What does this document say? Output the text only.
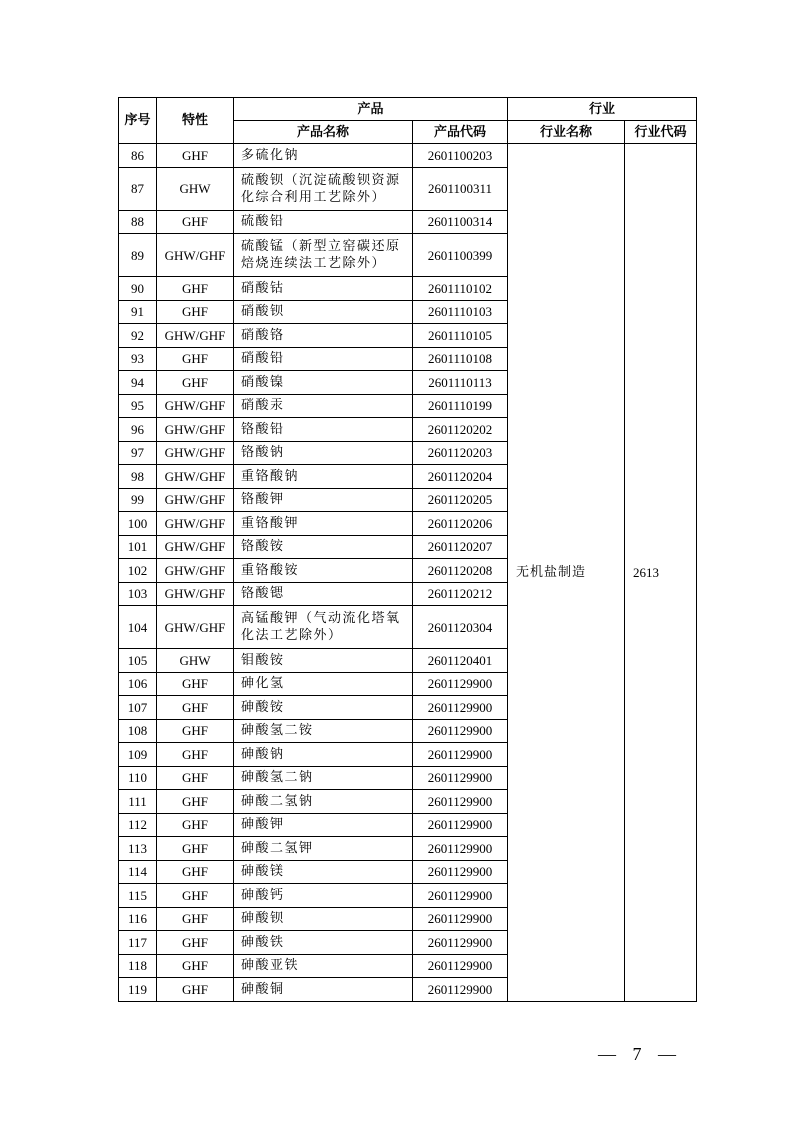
序号	特性	产品		行业	
		产品名称	产品代码	行业名称	行业代码
86	GHF	多硫化钠	2601100203	无机盐制造	2613
87	GHW	硫酸钡（沉淀硫酸钡资源化综合利用工艺除外）	2601100311		
88	GHF	硫酸铅	2601100314		
89	GHW/GHF	硫酸锰（新型立窑碳还原焙烧连续法工艺除外）	2601100399		
90	GHF	硝酸钴	2601110102		
91	GHF	硝酸钡	2601110103		
92	GHW/GHF	硝酸铬	2601110105		
93	GHF	硝酸铅	2601110108		
94	GHF	硝酸镍	2601110113		
95	GHW/GHF	硝酸汞	2601110199		
96	GHW/GHF	铬酸铅	2601120202		
97	GHW/GHF	铬酸钠	2601120203		
98	GHW/GHF	重铬酸钠	2601120204		
99	GHW/GHF	铬酸钾	2601120205		
100	GHW/GHF	重铬酸钾	2601120206		
101	GHW/GHF	铬酸铵	2601120207		
102	GHW/GHF	重铬酸铵	2601120208		
103	GHW/GHF	铬酸锶	2601120212		
104	GHW/GHF	高锰酸钾（气动流化塔氧化法工艺除外）	2601120304		
105	GHW	钼酸铵	2601120401		
106	GHF	砷化氢	2601129900		
107	GHF	砷酸铵	2601129900		
108	GHF	砷酸氢二铵	2601129900		
109	GHF	砷酸钠	2601129900		
110	GHF	砷酸氢二钠	2601129900		
111	GHF	砷酸二氢钠	2601129900		
112	GHF	砷酸钾	2601129900		
113	GHF	砷酸二氢钾	2601129900		
114	GHF	砷酸镁	2601129900		
115	GHF	砷酸钙	2601129900		
116	GHF	砷酸钡	2601129900		
117	GHF	砷酸铁	2601129900		
118	GHF	砷酸亚铁	2601129900		
119	GHF	砷酸铜	2601129900		
— 7 —
